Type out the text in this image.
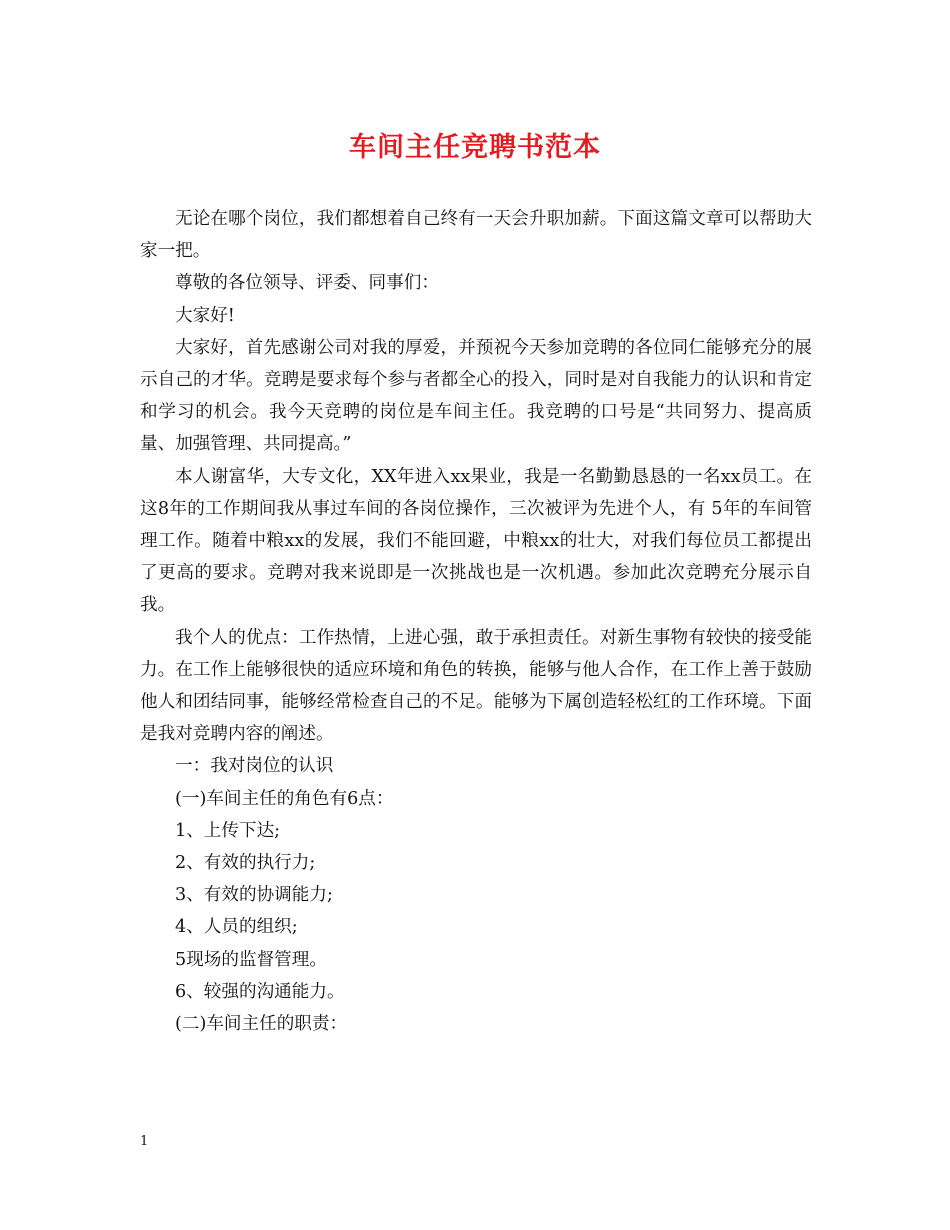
车间主任竞聘书范本

无论在哪个岗位，我们都想着自己终有一天会升职加薪。下面这篇文章可以帮助大家一把。

尊敬的各位领导、评委、同事们：

大家好!

大家好，首先感谢公司对我的厚爱，并预祝今天参加竞聘的各位同仁能够充分的展示自己的才华。竞聘是要求每个参与者都全心的投入，同时是对自我能力的认识和肯定和学习的机会。我今天竞聘的岗位是车间主任。我竞聘的口号是“共同努力、提高质量、加强管理、共同提高。”

本人谢富华，大专文化，XX年进入xx果业，我是一名勤勤恳恳的一名xx员工。在这8年的工作期间我从事过车间的各岗位操作，三次被评为先进个人，有 5年的车间管理工作。随着中粮xx的发展，我们不能回避，中粮xx的壮大，对我们每位员工都提出了更高的要求。竞聘对我来说即是一次挑战也是一次机遇。参加此次竞聘充分展示自我。

我个人的优点：工作热情，上进心强，敢于承担责任。对新生事物有较快的接受能力。在工作上能够很快的适应环境和角色的转换，能够与他人合作，在工作上善于鼓励他人和团结同事，能够经常检查自己的不足。能够为下属创造轻松红的工作环境。下面是我对竞聘内容的阐述。

一：我对岗位的认识

(一)车间主任的角色有6点：

1、上传下达;

2、有效的执行力;

3、有效的协调能力;

4、人员的组织;

5现场的监督管理。

6、较强的沟通能力。

(二)车间主任的职责：

1
